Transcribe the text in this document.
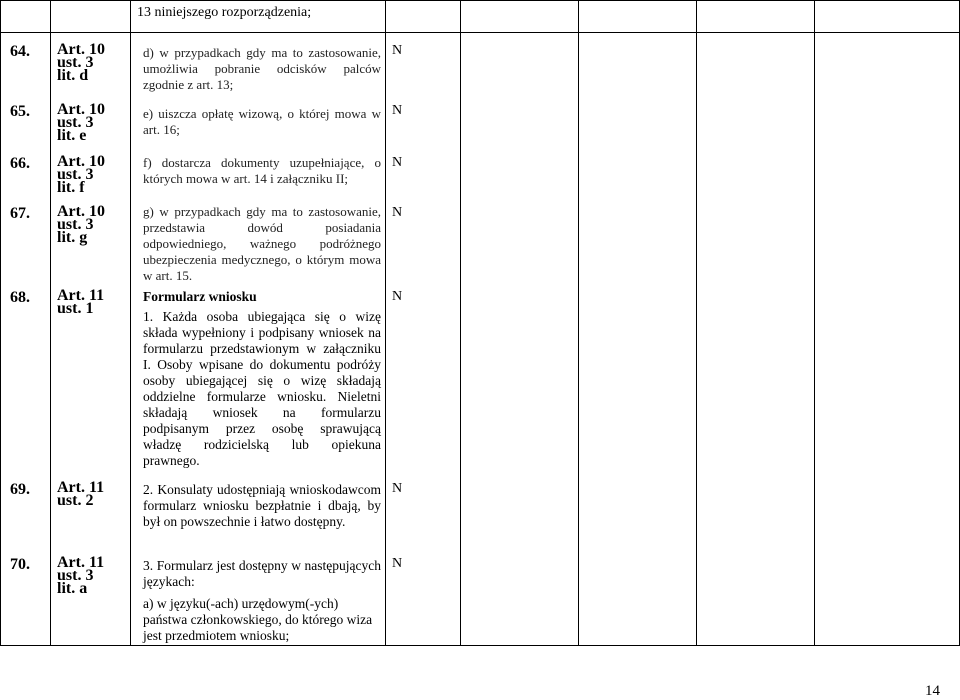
		13 niniejszego rozporządzenia;					

64.	Art. 10
ust. 3
lit. d
d) w przypadkach gdy ma to zastosowanie, umożliwia pobranie odcisków palców zgodnie z art. 13;
N
65.	Art. 10
ust. 3
lit. e
e) uiszcza opłatę wizową, o której mowa w art. 16;
N
66.	Art. 10
ust. 3
lit. f
f) dostarcza dokumenty uzupełniające, o których mowa w art. 14 i załączniku II;
N
67.	Art. 10
ust. 3
lit. g
g) w przypadkach gdy ma to zastosowanie, przedstawia dowód posiadania odpowiedniego, ważnego podróżnego ubezpieczenia medycznego, o którym mowa w art. 15.
N
68.	Art. 11
ust. 1

Formularz wniosku

1. Każda osoba ubiegająca się o wizę składa wypełniony i podpisany wniosek na formularzu przedstawionym w załączniku I. Osoby wpisane do dokumentu podróży osoby ubiegającej się o wizę składają oddzielne formularze wniosku. Nieletni składają wniosek na formularzu podpisanym przez osobę sprawującą władzę rodzicielską lub opiekuna prawnego.

N
69.	Art. 11
ust. 2
2. Konsulaty udostępniają wnioskodawcom formularz wniosku bezpłatnie i dbają, by był on powszechnie i łatwo dostępny.
N
70.	Art. 11
ust. 3
lit. a

3. Formularz jest dostępny w następujących językach:

a) w języku(-ach) urzędowym(-ych) państwa członkowskiego, do którego wiza jest przedmiotem wniosku;

N
14
